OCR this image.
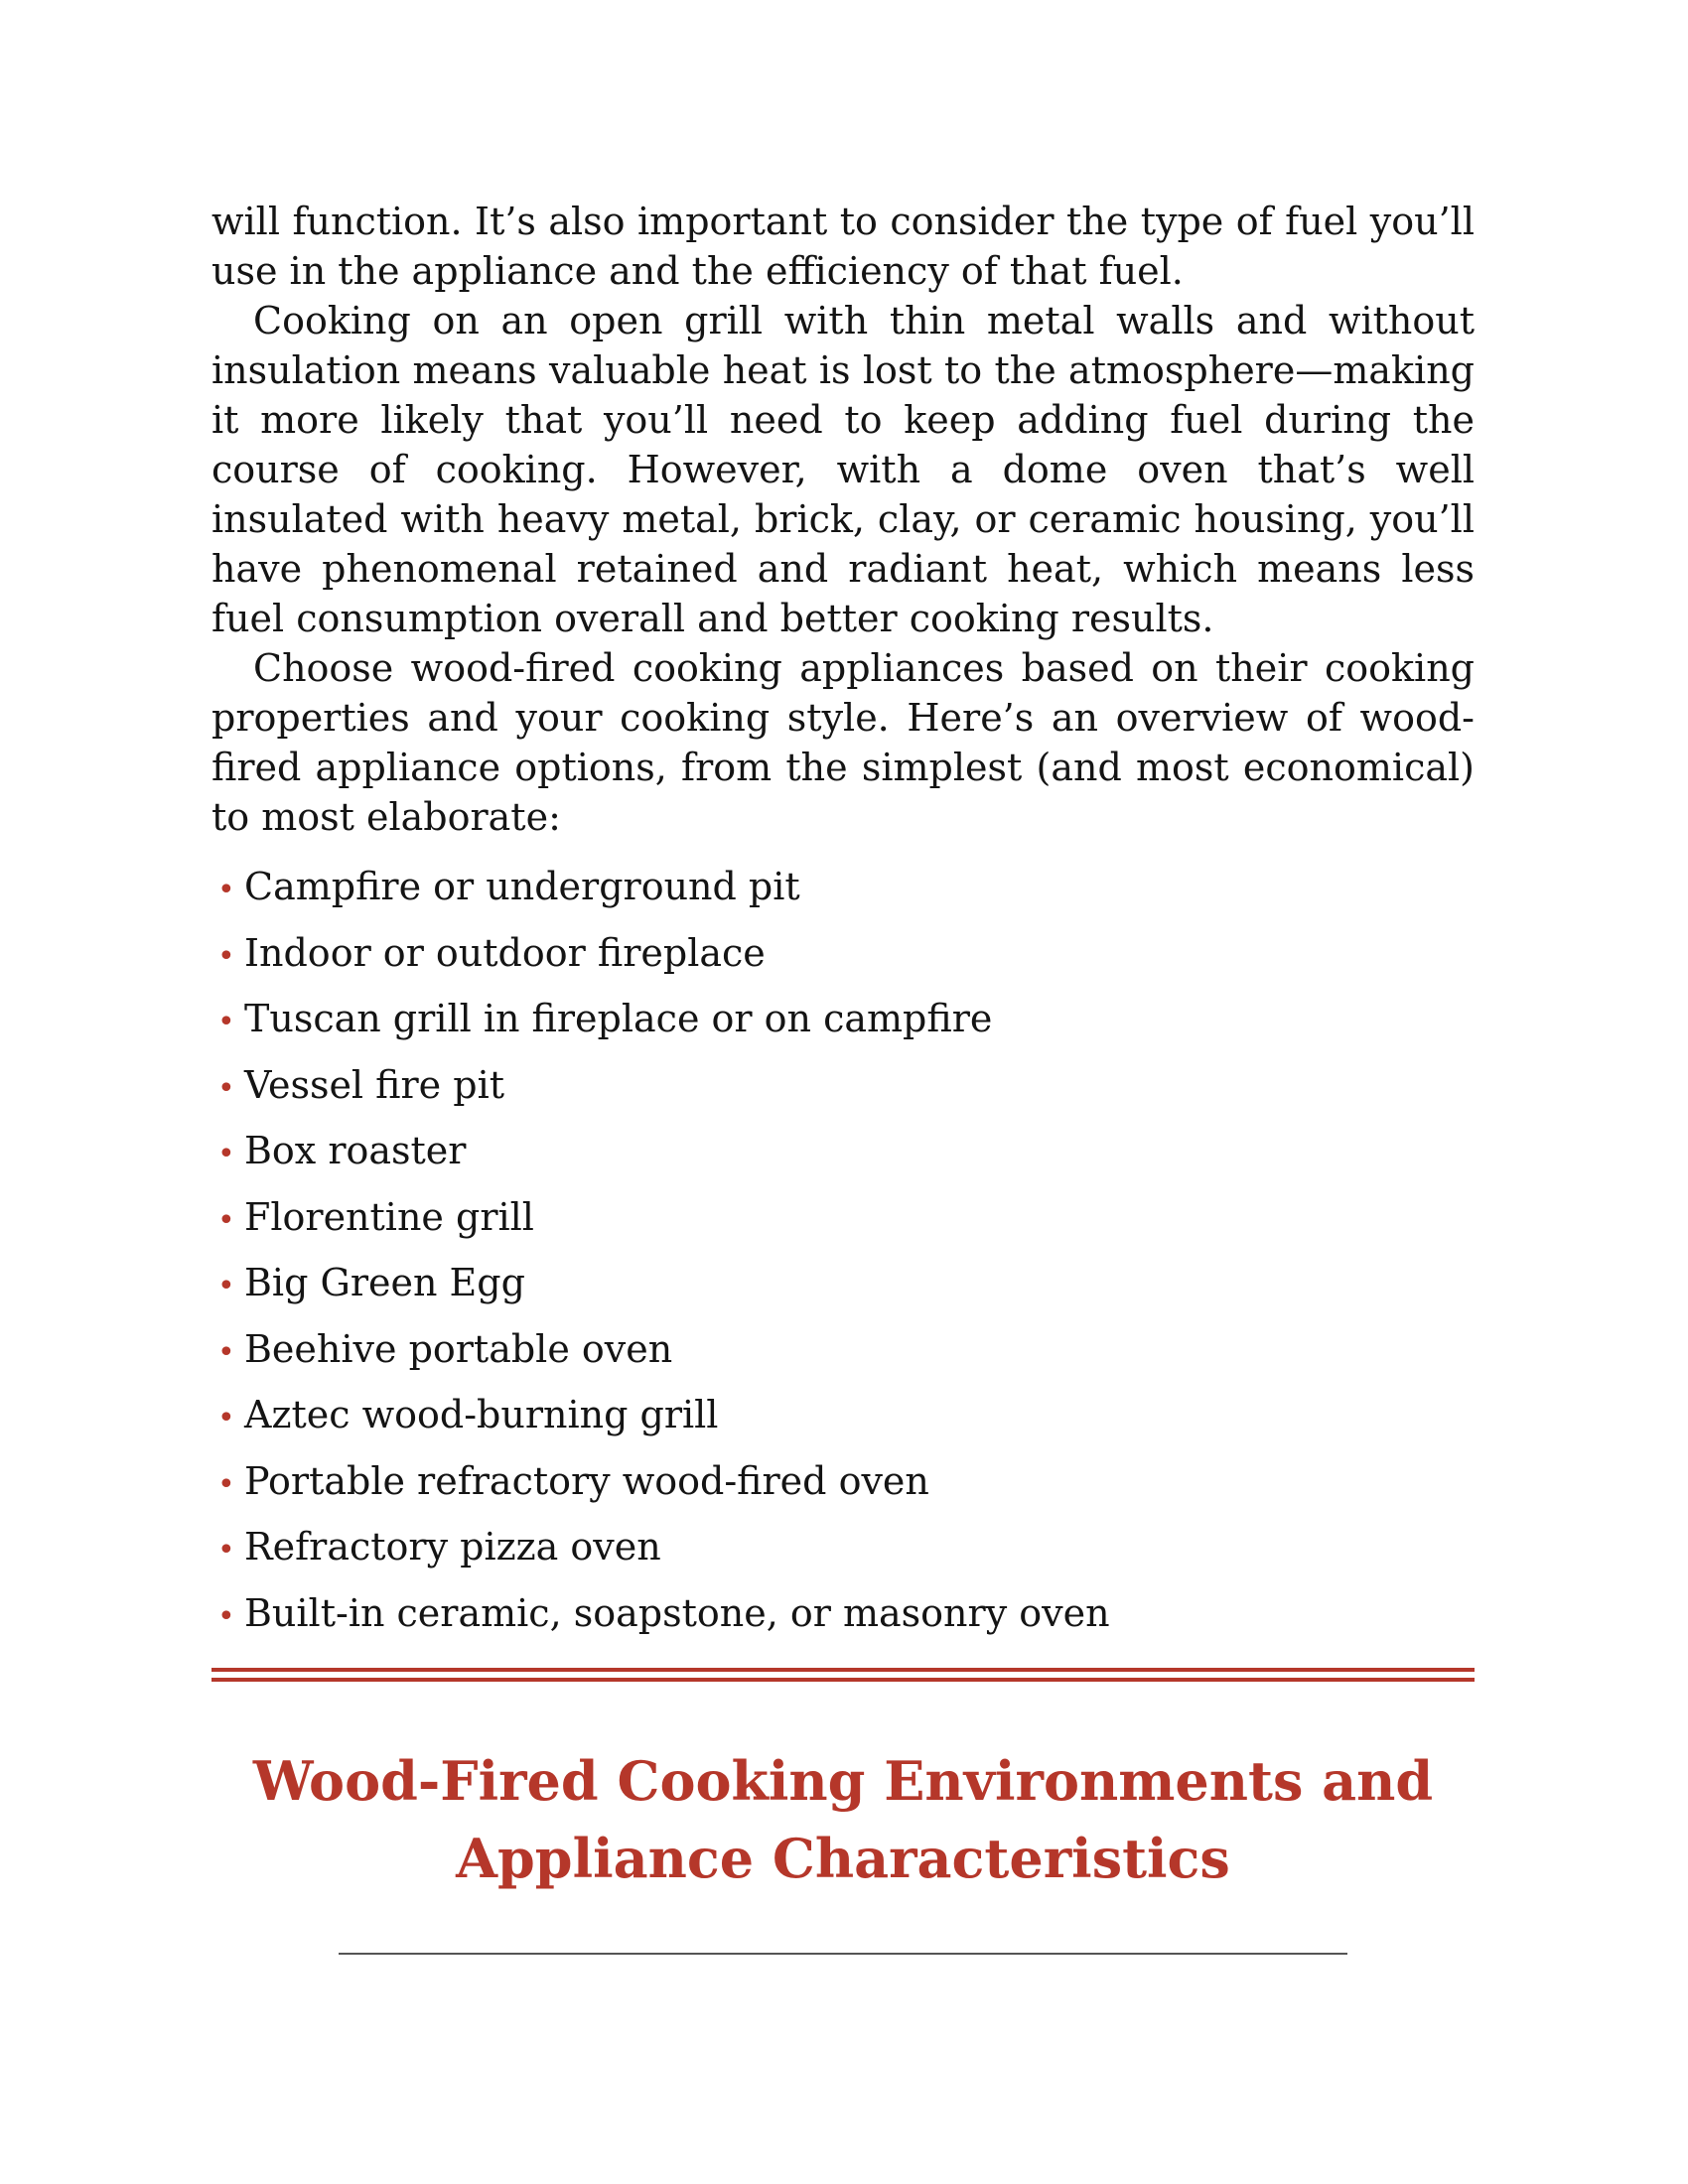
will function. It’s also important to consider the type of fuel you’ll use in the appliance and the efficiency of that fuel.

Cooking on an open grill with thin metal walls and without insulation means valuable heat is lost to the atmosphere—making it more likely that you’ll need to keep adding fuel during the course of cooking. However, with a dome oven that’s well insulated with heavy metal, brick, clay, or ceramic housing, you’ll have phenomenal retained and radiant heat, which means less fuel consumption overall and better cooking results.

Choose wood-fired cooking appliances based on their cooking properties and your cooking style. Here’s an overview of wood-fired appliance options, from the simplest (and most economical) to most elaborate:

• Campfire or underground pit
• Indoor or outdoor fireplace
• Tuscan grill in fireplace or on campfire
• Vessel fire pit
• Box roaster
• Florentine grill
• Big Green Egg
• Beehive portable oven
• Aztec wood-burning grill
• Portable refractory wood-fired oven
• Refractory pizza oven
• Built-in ceramic, soapstone, or masonry oven
Wood-Fired Cooking Environments and
Appliance Characteristics
